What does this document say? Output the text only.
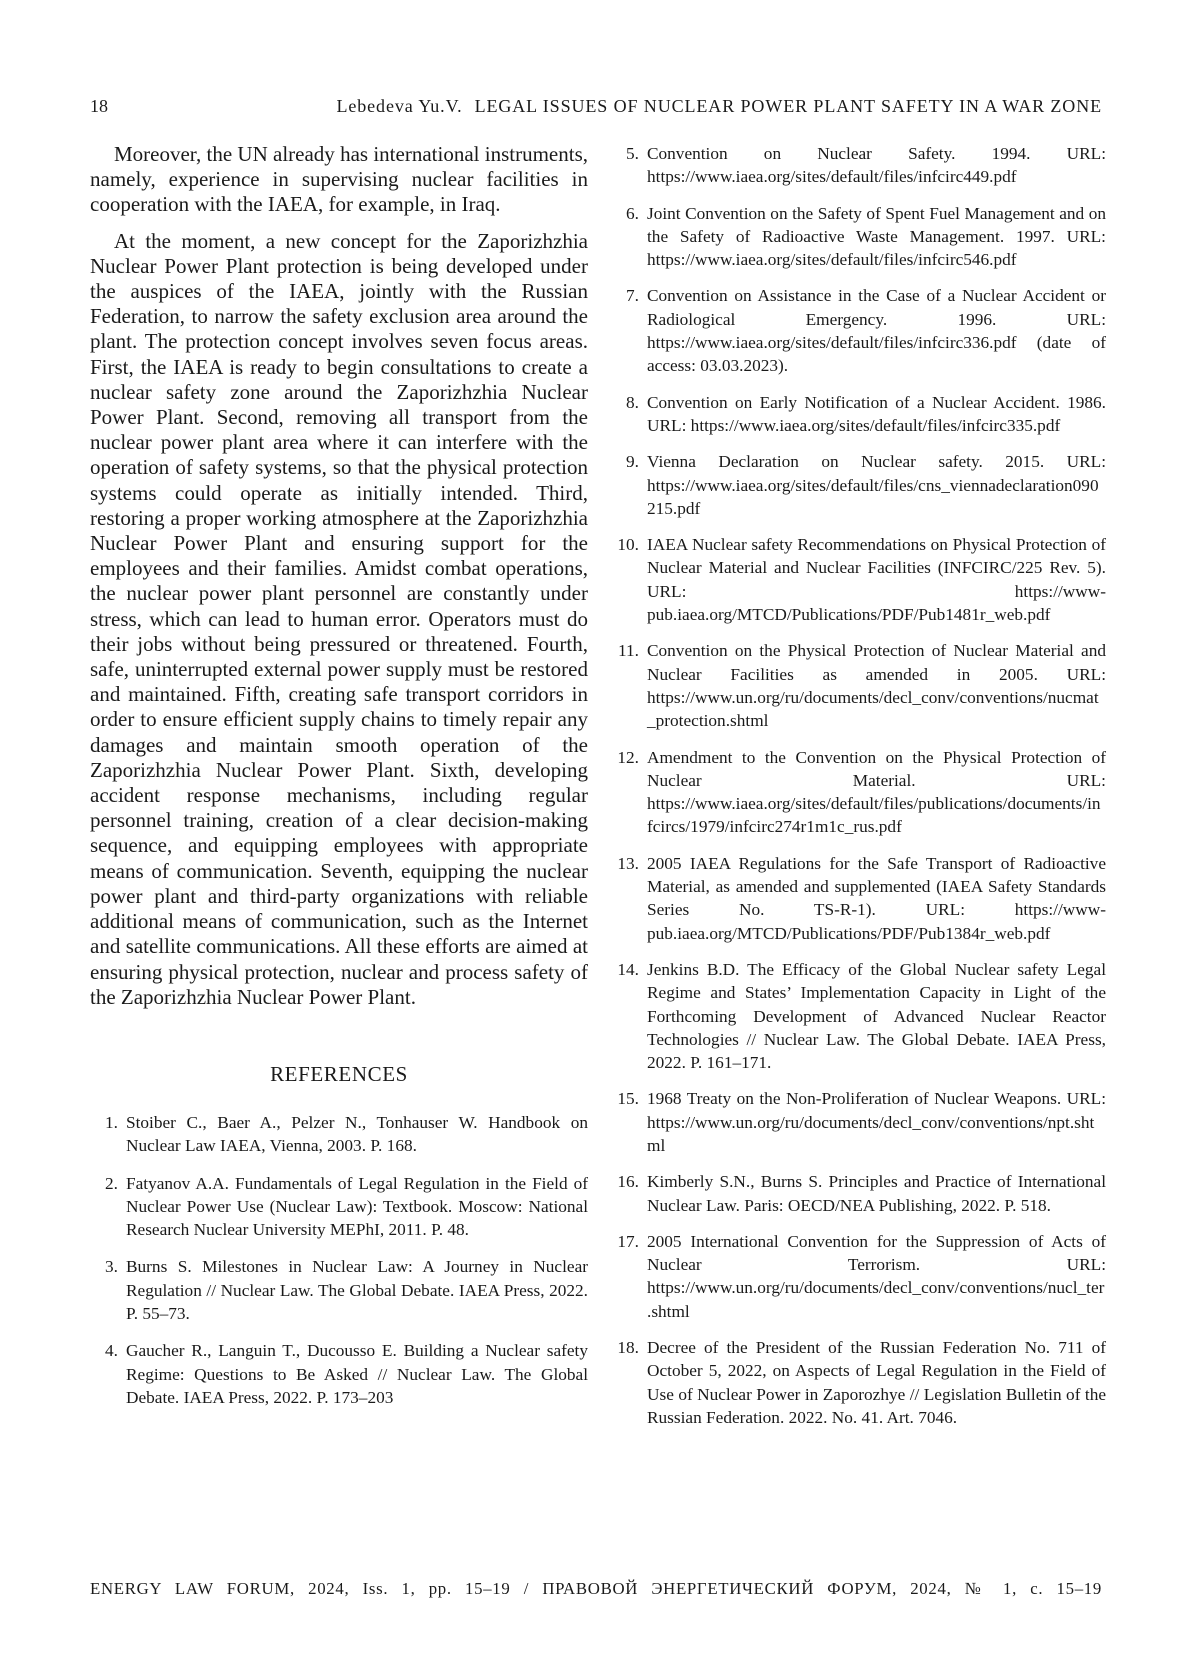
18	Lebedeva Yu.V. LEGAL ISSUES OF NUCLEAR POWER PLANT SAFETY IN A WAR ZONE

Moreover, the UN already has international instruments, namely, experience in supervising nuclear facilities in cooperation with the IAEA, for example, in Iraq.

At the moment, a new concept for the Zaporizhzhia Nuclear Power Plant protection is being developed under the auspices of the IAEA, jointly with the Russian Federation, to narrow the safety exclusion area around the plant. The protection concept involves seven focus areas. First, the IAEA is ready to begin consultations to create a nuclear safety zone around the Zaporizhzhia Nuclear Power Plant. Second, removing all transport from the nuclear power plant area where it can interfere with the operation of safety systems, so that the physical protection systems could operate as initially intended. Third, restoring a proper working atmosphere at the Zaporizhzhia Nuclear Power Plant and ensuring support for the employees and their families. Amidst combat operations, the nuclear power plant personnel are constantly under stress, which can lead to human error. Operators must do their jobs without being pressured or threatened. Fourth, safe, uninterrupted external power supply must be restored and maintained. Fifth, creating safe transport corridors in order to ensure efficient supply chains to timely repair any damages and maintain smooth operation of the Zaporizhzhia Nuclear Power Plant. Sixth, developing accident response mechanisms, including regular personnel training, creation of a clear decision-making sequence, and equipping employees with appropriate means of communication. Seventh, equipping the nuclear power plant and third-party organizations with reliable additional means of communication, such as the Internet and satellite communications. All these efforts are aimed at ensuring physical protection, nuclear and process safety of the Zaporizhzhia Nuclear Power Plant.

REFERENCES
1. Stoiber C., Baer A., Pelzer N., Tonhauser W. Handbook on Nuclear Law IAEA, Vienna, 2003. P. 168.
2. Fatyanov A.A. Fundamentals of Legal Regulation in the Field of Nuclear Power Use (Nuclear Law): Textbook. Moscow: National Research Nuclear University MEPhI, 2011. P. 48.
3. Burns S. Milestones in Nuclear Law: A Journey in Nuclear Regulation // Nuclear Law. The Global Debate. IAEA Press, 2022. P. 55–73.
4. Gaucher R., Languin T., Ducousso E. Building a Nuclear safety Regime: Questions to Be Asked // Nuclear Law. The Global Debate. IAEA Press, 2022. P. 173–203
5. Convention on Nuclear Safety. 1994. URL: https://www.iaea.org/sites/default/files/infcirc449.pdf
6. Joint Convention on the Safety of Spent Fuel Management and on the Safety of Radioactive Waste Management. 1997. URL: https://www.iaea.org/sites/default/files/infcirc546.pdf
7. Convention on Assistance in the Case of a Nuclear Accident or Radiological Emergency. 1996. URL: https://www.iaea.org/sites/default/files/infcirc336.pdf (date of access: 03.03.2023).
8. Convention on Early Notification of a Nuclear Accident. 1986. URL: https://www.iaea.org/sites/default/files/infcirc335.pdf
9. Vienna Declaration on Nuclear safety. 2015. URL: https://www.iaea.org/sites/default/files/cns_viennadeclaration090215.pdf
10. IAEA Nuclear safety Recommendations on Physical Protection of Nuclear Material and Nuclear Facilities (INFCIRC/225 Rev. 5). URL: https://www-pub.iaea.org/MTCD/Publications/PDF/Pub1481r_web.pdf
11. Convention on the Physical Protection of Nuclear Material and Nuclear Facilities as amended in 2005. URL: https://www.un.org/ru/documents/decl_conv/conventions/nucmat_protection.shtml
12. Amendment to the Convention on the Physical Protection of Nuclear Material. URL: https://www.iaea.org/sites/default/files/publications/documents/infcircs/1979/infcirc274r1m1c_rus.pdf
13. 2005 IAEA Regulations for the Safe Transport of Radioactive Material, as amended and supplemented (IAEA Safety Standards Series No. TS-R-1). URL: https://www-pub.iaea.org/MTCD/Publications/PDF/Pub1384r_web.pdf
14. Jenkins B.D. The Efficacy of the Global Nuclear safety Legal Regime and States’ Implementation Capacity in Light of the Forthcoming Development of Advanced Nuclear Reactor Technologies // Nuclear Law. The Global Debate. IAEA Press, 2022. P. 161–171.
15. 1968 Treaty on the Non-Proliferation of Nuclear Weapons. URL: https://www.un.org/ru/documents/decl_conv/conventions/npt.shtml
16. Kimberly S.N., Burns S. Principles and Practice of International Nuclear Law. Paris: OECD/NEA Publishing, 2022. P. 518.
17. 2005 International Convention for the Suppression of Acts of Nuclear Terrorism. URL: https://www.un.org/ru/documents/decl_conv/conventions/nucl_ter.shtml
18. Decree of the President of the Russian Federation No. 711 of October 5, 2022, on Aspects of Legal Regulation in the Field of Use of Nuclear Power in Zaporozhye // Legislation Bulletin of the Russian Federation. 2022. No. 41. Art. 7046.
ENERGY LAW FORUM, 2024, Iss. 1, pp. 15–19 / ПРАВОВОЙ ЭНЕРГЕТИЧЕСКИЙ ФОРУМ, 2024, № 1, с. 15–19
